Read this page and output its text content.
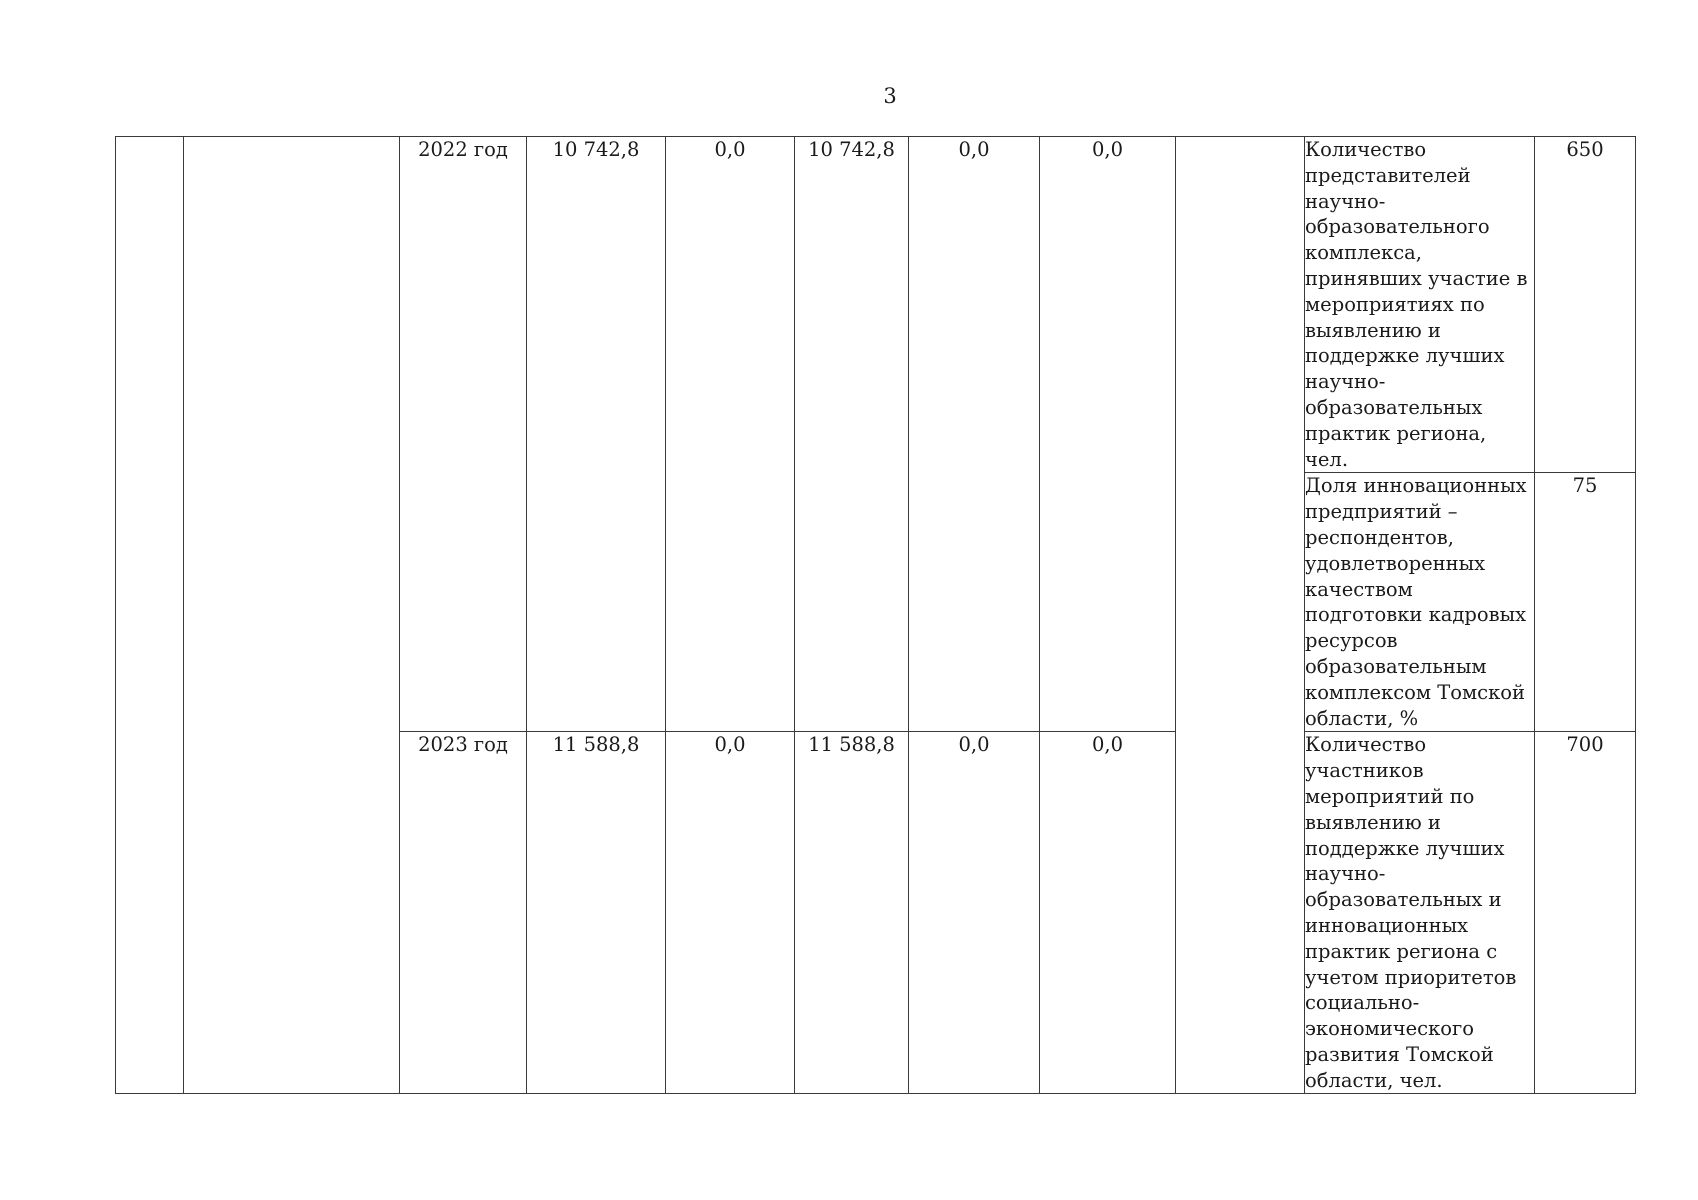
3
		2022 год	10 742,8	0,0	10 742,8	0,0	0,0		Количество представителей научно-образовательного комплекса, принявших участие в мероприятиях по выявлению и поддержке лучших научно-образовательных практик региона, чел.	650
									Доля инновационных предприятий – респондентов, удовлетворенных качеством подготовки кадровых ресурсов образовательным комплексом Томской области, %	75
		2023 год	11 588,8	0,0	11 588,8	0,0	0,0		Количество участников мероприятий по выявлению и поддержке лучших научно-образовательных и инновационных практик региона с учетом приоритетов социально-экономического развития Томской области, чел.	700
